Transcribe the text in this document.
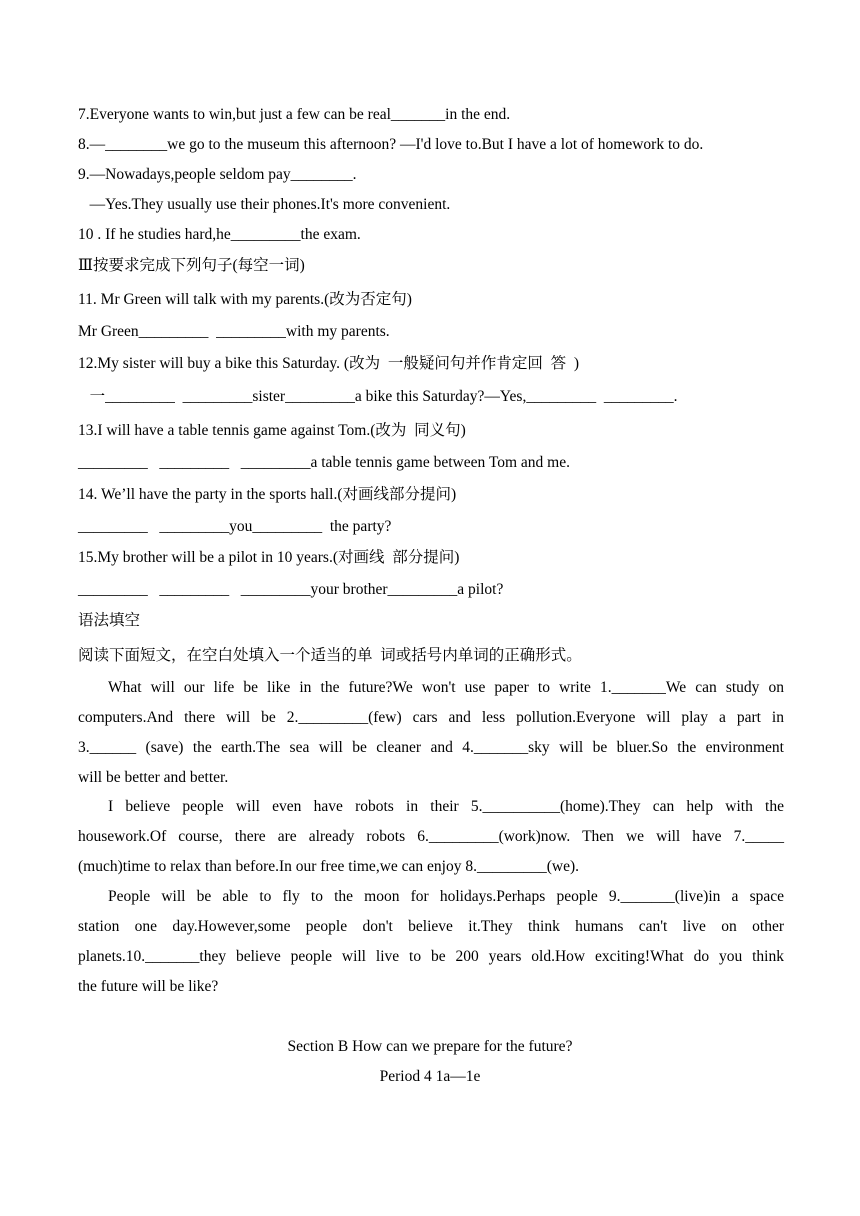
7.Everyone wants to win,but just a few can be real_______in the end.
8.—________we go to the museum this afternoon? —I'd love to.But I have a lot of homework to do.
9.—Nowadays,people seldom pay________.
—Yes.They usually use their phones.It's more convenient.
10 . If he studies hard,he_________the exam.
Ⅲ按要求完成下列句子(每空一词)
11. Mr Green will talk with my parents.(改为否定句)
Mr Green_________  _________with my parents.
12.My sister will buy a bike this Saturday. (改为  一般疑问句并作肯定回  答  )
一_________  _________sister_________a bike this Saturday?—Yes,_________  _________.
13.I will have a table tennis game against Tom.(改为  同义句)
_________   _________   _________a table tennis game between Tom and me.
14. We’ll have the party in the sports hall.(对画线部分提问)
_________   _________you_________  the party?
15.My brother will be a pilot in 10 years.(对画线  部分提问)
_________   _________   _________your brother_________a pilot?
语法填空
阅读下面短文，在空白处填入一个适当的单  词或括号内单词的正确形式。
What will our life be like in the future?We won't use paper to write 1._______We can study on
computers.And there will be 2._________(few) cars and less pollution.Everyone will play a part in
3.______ (save) the earth.The sea will be cleaner and 4._______sky will be bluer.So the environment
will be better and better.
I believe people will even have robots in their 5.__________(home).They can help with the
housework.Of course, there are already robots 6._________(work)now. Then we will have 7._____
(much)time to relax than before.In our free time,we can enjoy 8._________(we).
People will be able to fly to the moon for holidays.Perhaps people 9._______(live)in a space
station one day.However,some people don't believe it.They think humans can't live on other
planets.10._______they believe people will live to be 200 years old.How exciting!What do you think
the future will be like?
Section B How can we prepare for the future?
Period 4 1a—1e
